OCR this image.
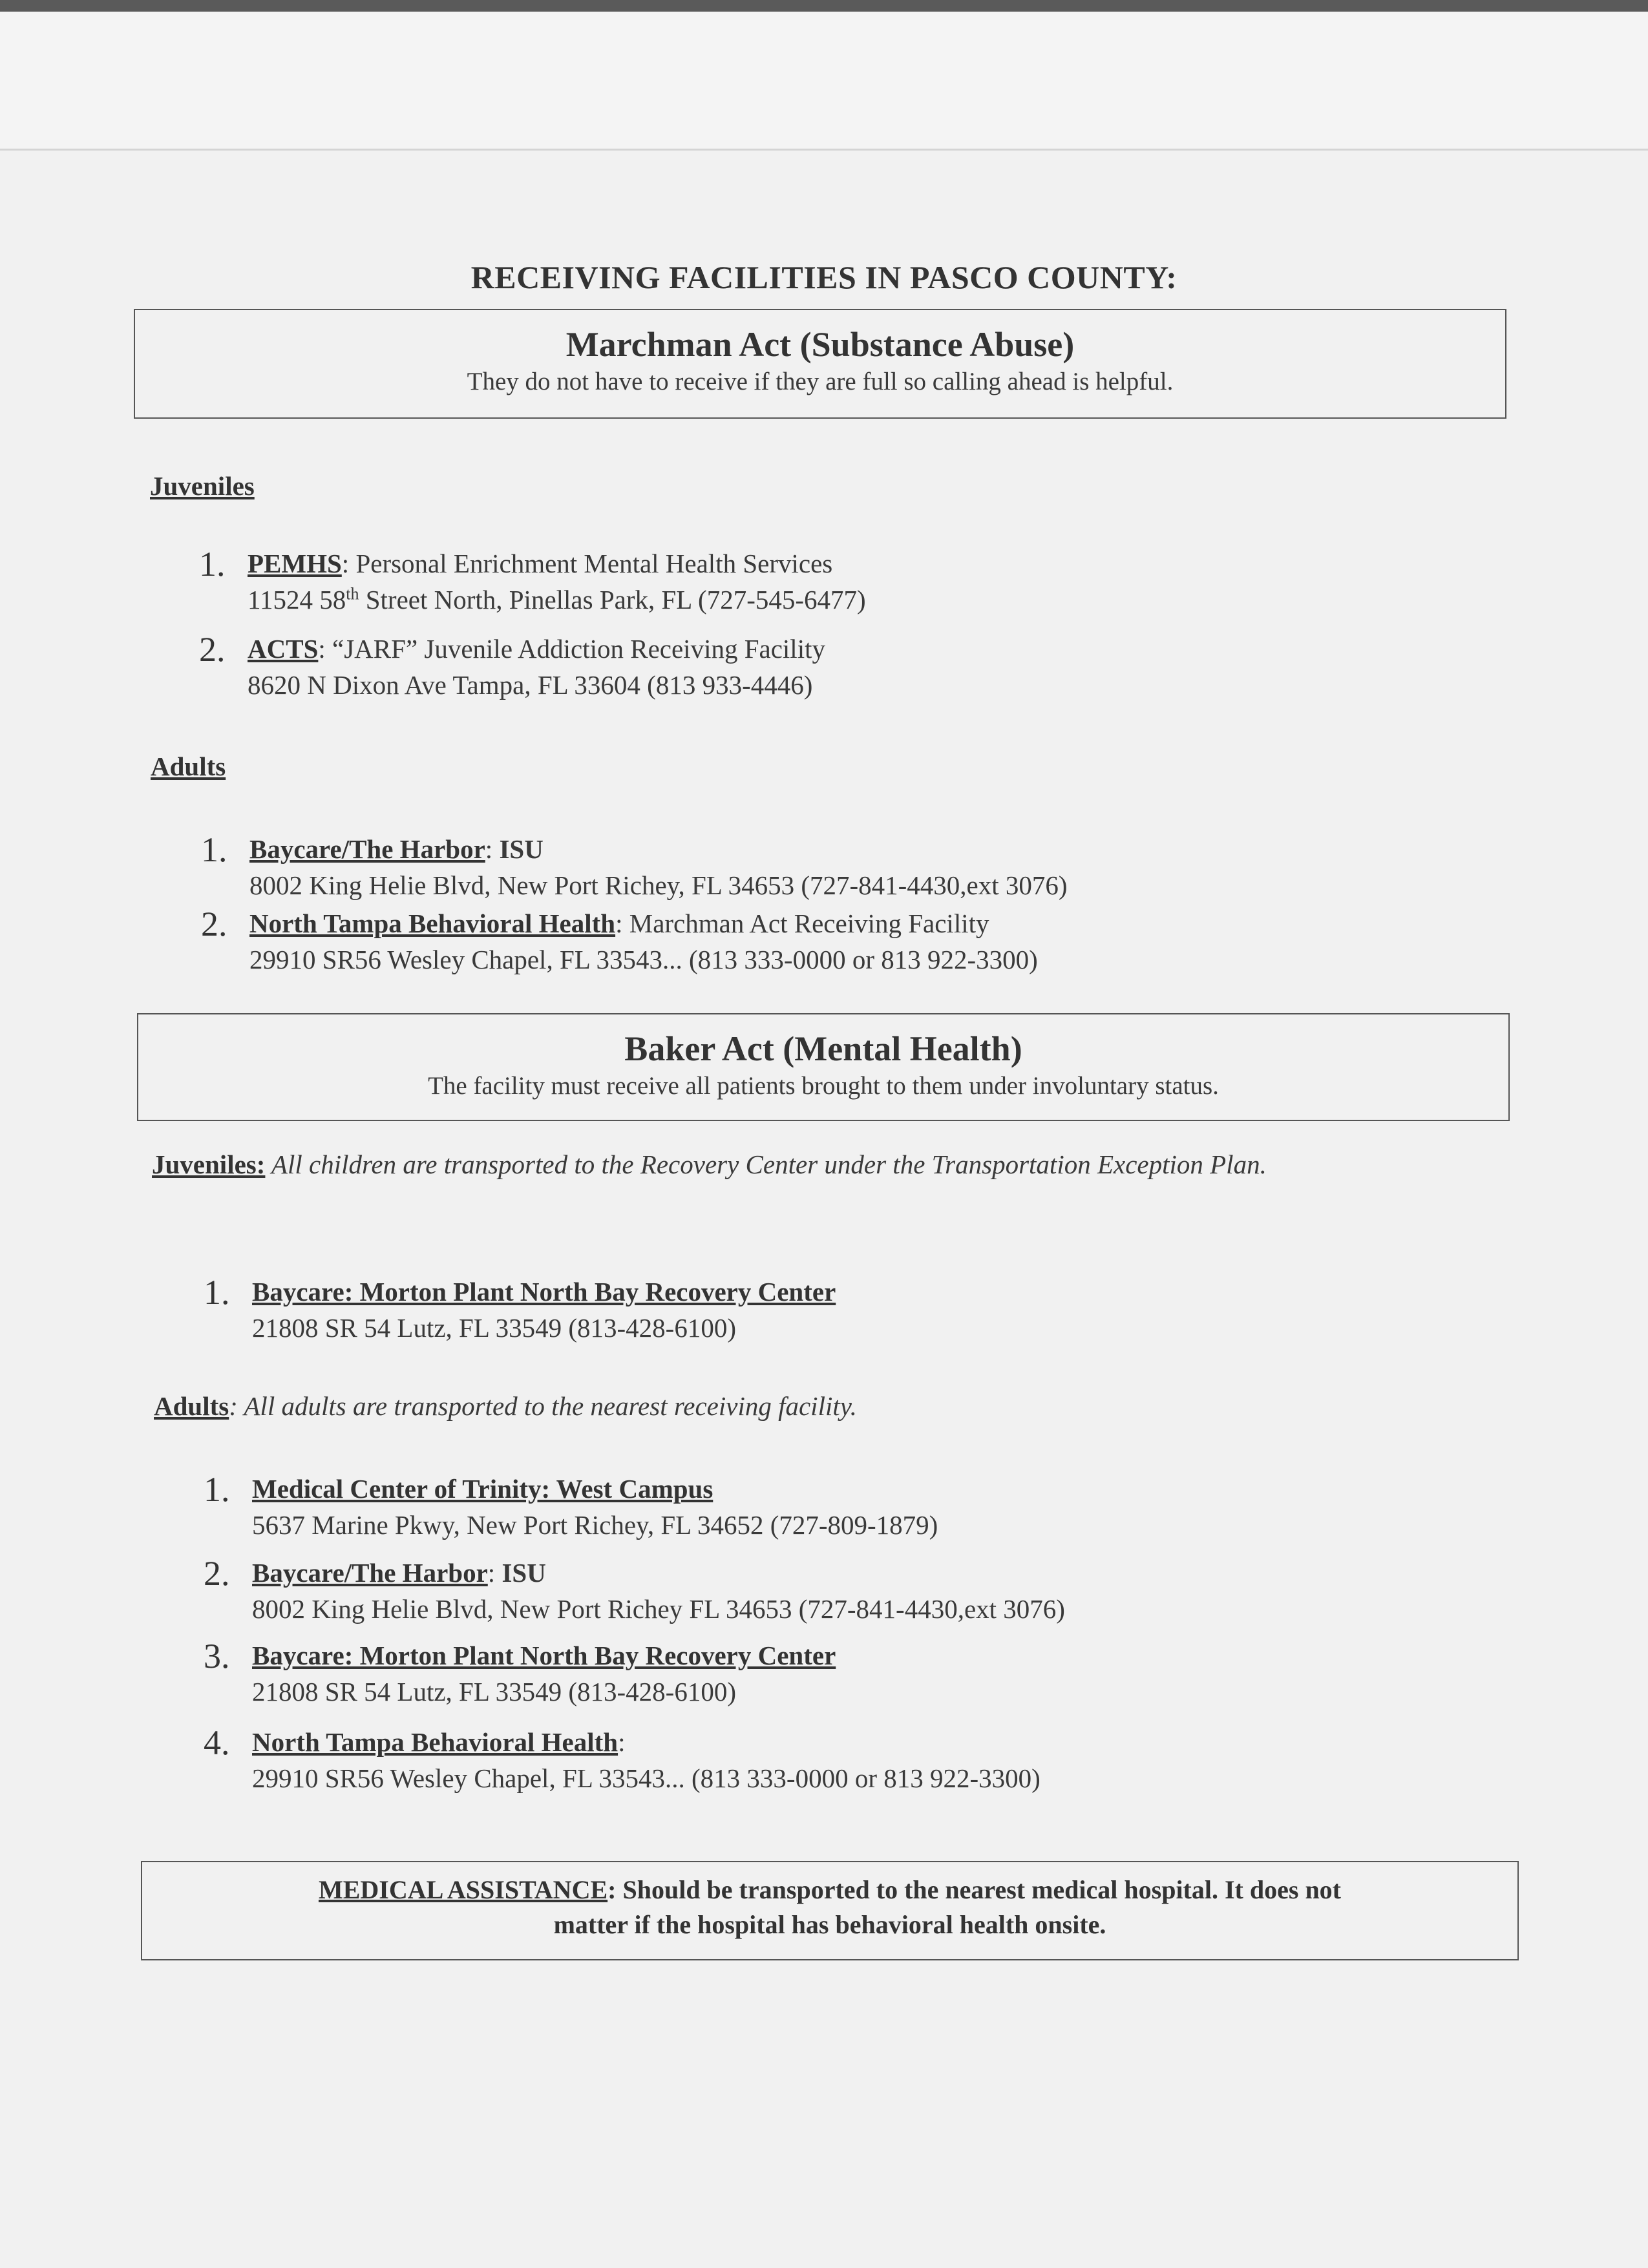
RECEIVING FACILITIES IN PASCO COUNTY:
Marchman Act (Substance Abuse)
They do not have to receive if they are full so calling ahead is helpful.
Juveniles
1. PEMHS: Personal Enrichment Mental Health Services
11524 58th Street North, Pinellas Park, FL (727-545-6477)
2. ACTS: “JARF” Juvenile Addiction Receiving Facility
8620 N Dixon Ave Tampa, FL 33604 (813 933-4446)
Adults
1. Baycare/The Harbor: ISU
8002 King Helie Blvd, New Port Richey, FL 34653 (727-841-4430,ext 3076)
2. North Tampa Behavioral Health: Marchman Act Receiving Facility
29910 SR56 Wesley Chapel, FL 33543... (813 333-0000 or 813 922-3300)
Baker Act (Mental Health)
The facility must receive all patients brought to them under involuntary status.
Juveniles: All children are transported to the Recovery Center under the Transportation Exception Plan.
1. Baycare: Morton Plant North Bay Recovery Center
21808 SR 54 Lutz, FL 33549 (813-428-6100)
Adults: All adults are transported to the nearest receiving facility.
1. Medical Center of Trinity: West Campus
5637 Marine Pkwy, New Port Richey, FL 34652 (727-809-1879)
2. Baycare/The Harbor: ISU
8002 King Helie Blvd, New Port Richey FL 34653 (727-841-4430,ext 3076)
3. Baycare: Morton Plant North Bay Recovery Center
21808 SR 54 Lutz, FL 33549 (813-428-6100)
4. North Tampa Behavioral Health:
29910 SR56 Wesley Chapel, FL 33543... (813 333-0000 or 813 922-3300)
MEDICAL ASSISTANCE: Should be transported to the nearest medical hospital. It does not
matter if the hospital has behavioral health onsite.
